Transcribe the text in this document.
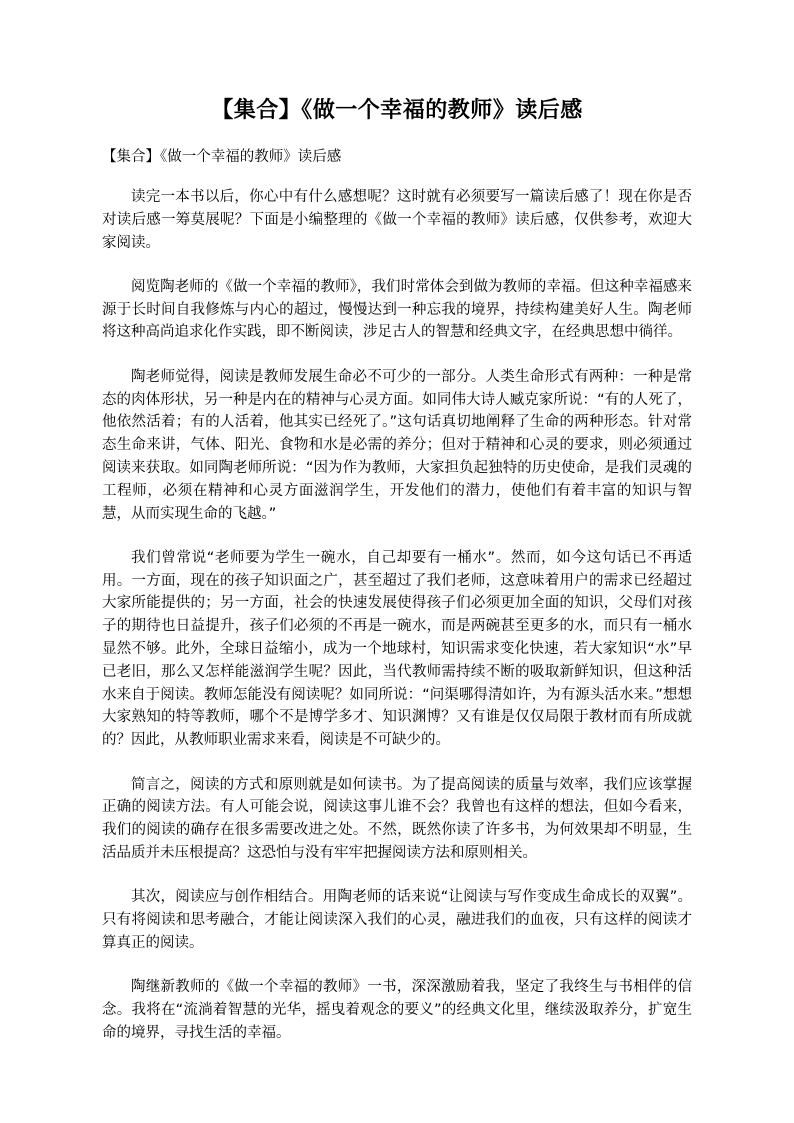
【集合】《做一个幸福的教师》读后感

【集合】《做一个幸福的教师》读后感

读完一本书以后，你心中有什么感想呢？这时就有必须要写一篇读后感了！现在你是否对读后感一筹莫展呢？下面是小编整理的《做一个幸福的教师》读后感，仅供参考，欢迎大家阅读。

阅览陶老师的《做一个幸福的教师》，我们时常体会到做为教师的幸福。但这种幸福感来源于长时间自我修炼与内心的超过，慢慢达到一种忘我的境界，持续构建美好人生。陶老师将这种高尚追求化作实践，即不断阅读，涉足古人的智慧和经典文字，在经典思想中徜徉。

陶老师觉得，阅读是教师发展生命必不可少的一部分。人类生命形式有两种：一种是常态的肉体形状，另一种是内在的精神与心灵方面。如同伟大诗人臧克家所说：“有的人死了，他依然活着；有的人活着，他其实已经死了。”这句话真切地阐释了生命的两种形态。针对常态生命来讲，气体、阳光、食物和水是必需的养分；但对于精神和心灵的要求，则必须通过阅读来获取。如同陶老师所说：“因为作为教师，大家担负起独特的历史使命，是我们灵魂的工程师，必须在精神和心灵方面滋润学生，开发他们的潜力，使他们有着丰富的知识与智慧，从而实现生命的飞越。”

我们曾常说“老师要为学生一碗水，自己却要有一桶水”。然而，如今这句话已不再适用。一方面，现在的孩子知识面之广，甚至超过了我们老师，这意味着用户的需求已经超过大家所能提供的；另一方面，社会的快速发展使得孩子们必须更加全面的知识，父母们对孩子的期待也日益提升，孩子们必须的不再是一碗水，而是两碗甚至更多的水，而只有一桶水显然不够。此外，全球日益缩小，成为一个地球村，知识需求变化快速，若大家知识“水”早已老旧，那么又怎样能滋润学生呢？因此，当代教师需持续不断的吸取新鲜知识，但这种活水来自于阅读。教师怎能没有阅读呢？如同所说：“问渠哪得清如许，为有源头活水来。”想想大家熟知的特等教师，哪个不是博学多才、知识渊博？又有谁是仅仅局限于教材而有所成就的？因此，从教师职业需求来看，阅读是不可缺少的。

简言之，阅读的方式和原则就是如何读书。为了提高阅读的质量与效率，我们应该掌握正确的阅读方法。有人可能会说，阅读这事儿谁不会？我曾也有这样的想法，但如今看来，我们的阅读的确存在很多需要改进之处。不然，既然你读了许多书，为何效果却不明显，生活品质并未压根提高？这恐怕与没有牢牢把握阅读方法和原则相关。

其次，阅读应与创作相结合。用陶老师的话来说“让阅读与写作变成生命成长的双翼”。只有将阅读和思考融合，才能让阅读深入我们的心灵，融进我们的血夜，只有这样的阅读才算真正的阅读。

陶继新教师的《做一个幸福的教师》一书，深深激励着我，坚定了我终生与书相伴的信念。我将在“流淌着智慧的光华，摇曳着观念的要义”的经典文化里，继续汲取养分，扩宽生命的境界，寻找生活的幸福。
